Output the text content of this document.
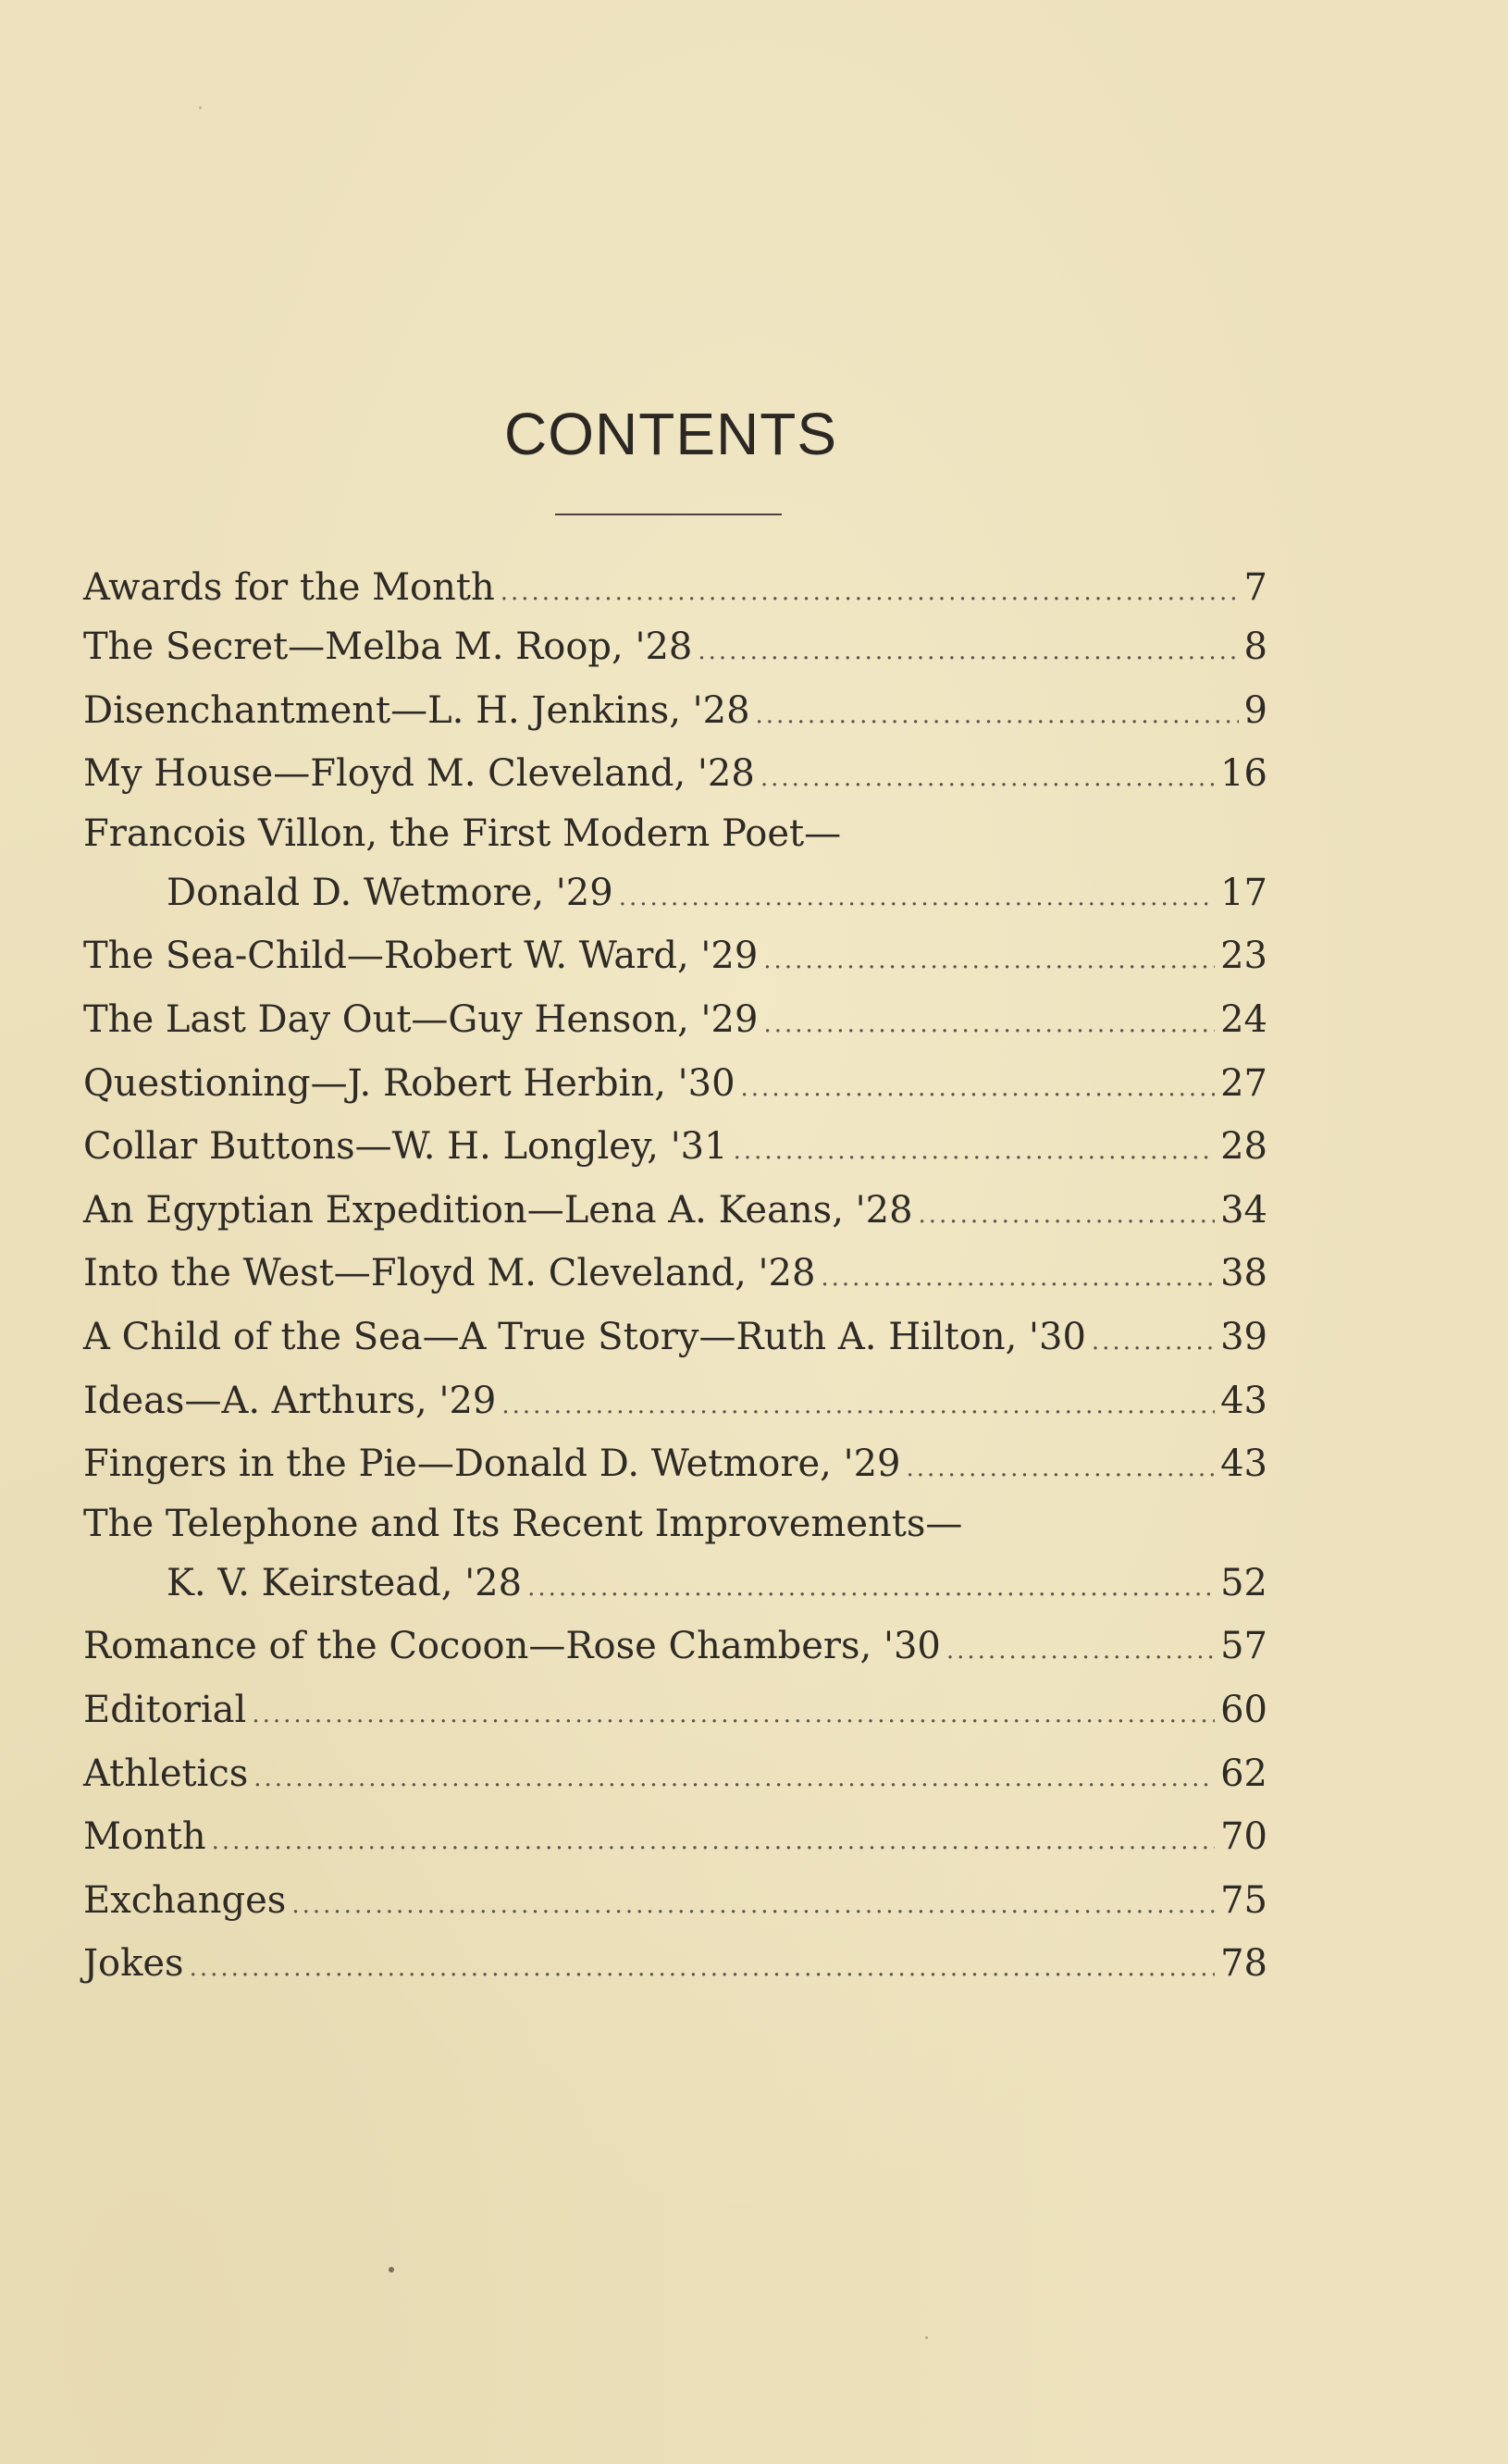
CONTENTS
Awards for the Month .....	7
The Secret—Melba M. Roop, '28 .....	8
Disenchantment—L. H. Jenkins, '28 .....	9
My House—Floyd M. Cleveland, '28 .....	16
Francois Villon, the First Modern Poet—
Donald D. Wetmore, '29 .....	17
The Sea-Child—Robert W. Ward, '29 .....	23
The Last Day Out—Guy Henson, '29 .....	24
Questioning—J. Robert Herbin, '30 .....	27
Collar Buttons—W. H. Longley, '31 .....	28
An Egyptian Expedition—Lena A. Keans, '28 .....	34
Into the West—Floyd M. Cleveland, '28 .....	38
A Child of the Sea—A True Story—Ruth A. Hilton, '30 .....	39
Ideas—A. Arthurs, '29 .....	43
Fingers in the Pie—Donald D. Wetmore, '29 .....	43
The Telephone and Its Recent Improvements—
K. V. Keirstead, '28 .....	52
Romance of the Cocoon—Rose Chambers, '30 .....	57
Editorial .....	60
Athletics .....	62
Month .....	70
Exchanges .....	75
Jokes .....	78
